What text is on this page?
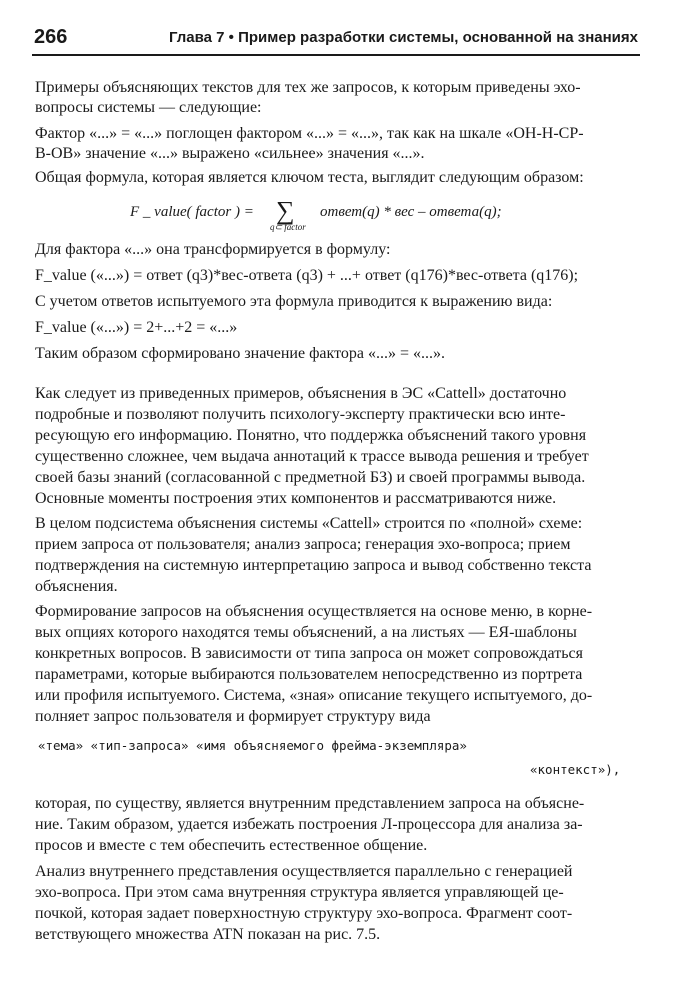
266	Глава 7 • Пример разработки системы, основанной на знаниях

Примеры объясняющих текстов для тех же запросов, к которым приведены эхо-

вопросы системы — следующие:

Фактор «...» = «...» поглощен фактором «...» = «...», так как на шкале «ОН-Н-СР-

В-ОВ» значение «...» выражено «сильнее» значения «...».

Общая формула, которая является ключом теста, выглядит следующим образом:

F _ value( factor ) = ∑
q⊂ factor
ответ(q) * вес – ответа(q);

Для фактора «...» она трансформируется в формулу:

F_value («...») = ответ (q3)*вес-ответа (q3) + ...+ ответ (q176)*вес-ответа (q176);

С учетом ответов испытуемого эта формула приводится к выражению вида:

F_value («...») = 2+...+2 = «...»

Таким образом сформировано значение фактора «...» = «...».

Как следует из приведенных примеров, объяснения в ЭС «Cattell» достаточно

подробные и позволяют получить психологу-эксперту практически всю инте-

ресующую его информацию. Понятно, что поддержка объяснений такого уровня

существенно сложнее, чем выдача аннотаций к трассе вывода решения и требует

своей базы знаний (согласованной с предметной БЗ) и своей программы вывода.

Основные моменты построения этих компонентов и рассматриваются ниже.

В целом подсистема объяснения системы «Cattell» строится по «полной» схеме:

прием запроса от пользователя; анализ запроса; генерация эхо-вопроса; прием

подтверждения на системную интерпретацию запроса и вывод собственно текста

объяснения.

Формирование запросов на объяснения осуществляется на основе меню, в корне-

вых опциях которого находятся темы объяснений, а на листьях — ЕЯ-шаблоны

конкретных вопросов. В зависимости от типа запроса он может сопровождаться

параметрами, которые выбираются пользователем непосредственно из портрета

или профиля испытуемого. Система, «зная» описание текущего испытуемого, до-

полняет запрос пользователя и формирует структуру вида

«тема» «тип-запроса» «имя объясняемого фрейма-экземпляра»
«контекст»),

которая, по существу, является внутренним представлением запроса на объясне-

ние. Таким образом, удается избежать построения Л-процессора для анализа за-

просов и вместе с тем обеспечить естественное общение.

Анализ внутреннего представления осуществляется параллельно с генерацией

эхо-вопроса. При этом сама внутренняя структура является управляющей це-

почкой, которая задает поверхностную структуру эхо-вопроса. Фрагмент соот-

ветствующего множества ATN показан на рис. 7.5.
